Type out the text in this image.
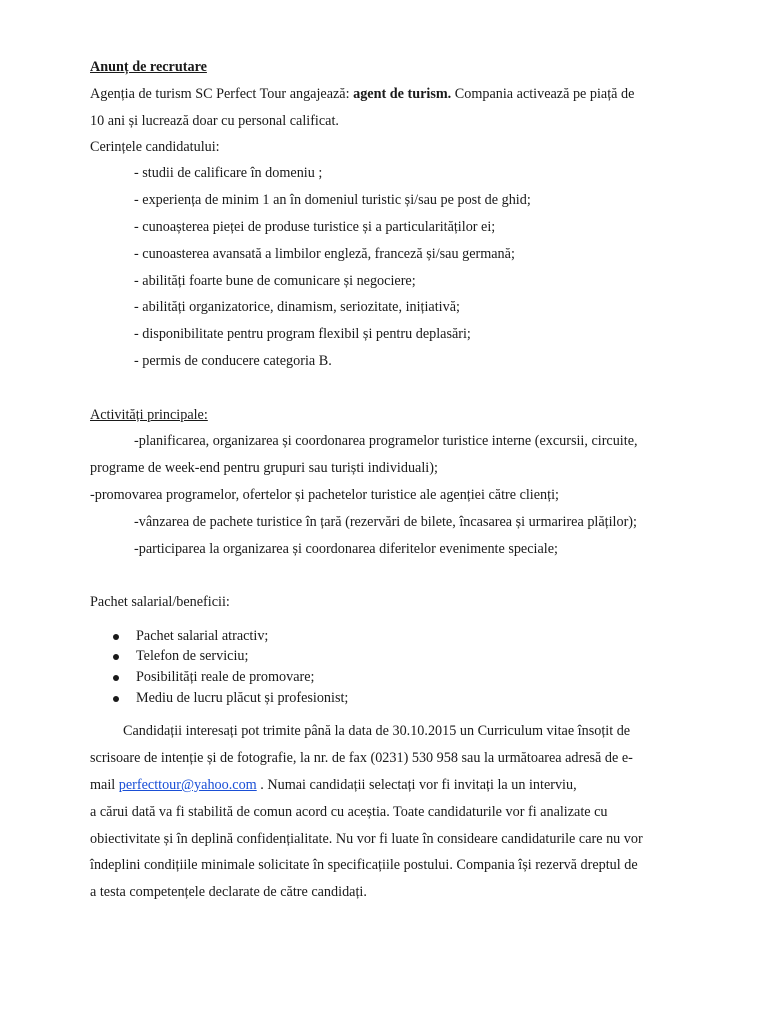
Anunț de recrutare
Agenția de turism SC Perfect Tour angajează: agent de turism. Compania activează pe piață de
10 ani și lucrează doar cu personal calificat.
Cerințele candidatului:
- studii de calificare în domeniu ;
- experiența de minim 1 an în domeniul turistic și/sau pe post de ghid;
- cunoașterea pieței de produse turistice și a particularităților ei;
- cunoasterea avansată a limbilor engleză, franceză și/sau germană;
- abilități foarte bune de comunicare și negociere;
- abilități organizatorice, dinamism, seriozitate, inițiativă;
- disponibilitate pentru program flexibil și pentru deplasări;
- permis de conducere categoria B.
Activități principale:
-planificarea, organizarea și coordonarea programelor turistice interne (excursii, circuite,
programe de week-end pentru grupuri sau turiști individuali);
-promovarea programelor, ofertelor și pachetelor turistice ale agenției către clienți;
-vânzarea de pachete turistice în țară (rezervări de bilete, încasarea și urmarirea plăților);
-participarea la organizarea și coordonarea diferitelor evenimente speciale;
Pachet salarial/beneficii:
Pachet salarial atractiv;
Telefon de serviciu;
Posibilități reale de promovare;
Mediu de lucru plăcut și profesionist;
Candidații interesați pot trimite până la data de 30.10.2015 un Curriculum vitae însoțit de
scrisoare de intenție și de fotografie, la nr. de fax (0231) 530 958 sau la următoarea adresă de e-
mail perfecttour@yahoo.com . Numai candidații selectați vor fi invitați la un interviu,
a cărui dată va fi stabilită de comun acord cu aceștia. Toate candidaturile vor fi analizate cu
obiectivitate și în deplină confidențialitate. Nu vor fi luate în consideare candidaturile care nu vor
îndeplini condițiile minimale solicitate în specificațiile postului. Compania își rezervă dreptul de
a testa competențele declarate de către candidați.
